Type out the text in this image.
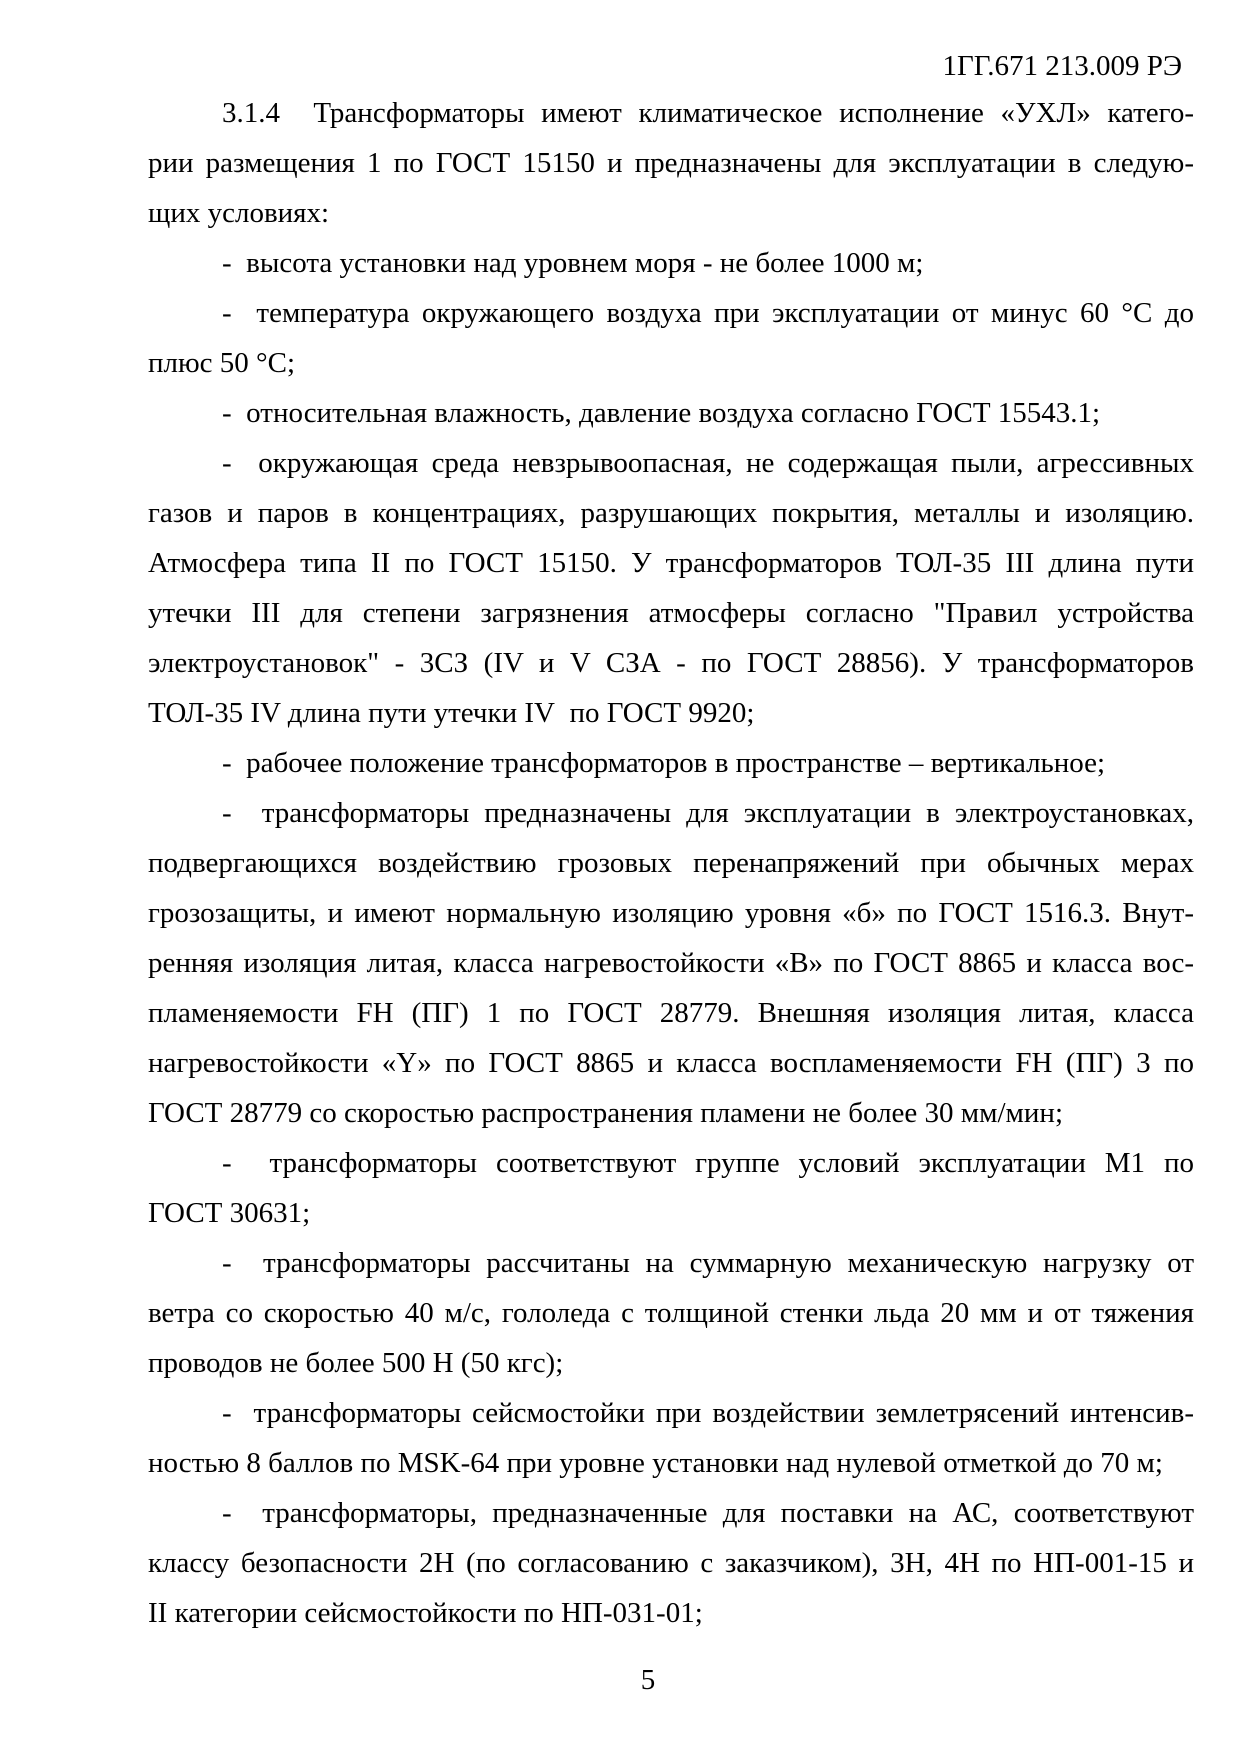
1ГГ.671 213.009 РЭ
3.1.4  Трансформаторы имеют климатическое исполнение «УХЛ» катего-
рии размещения 1 по ГОСТ 15150 и предназначены для эксплуатации в следую-
щих условиях:
-  высота установки над уровнем моря - не более 1000 м;
-  температура окружающего воздуха при эксплуатации от минус 60 °С до
плюс 50 °С;
-  относительная влажность, давление воздуха согласно ГОСТ 15543.1;
-  окружающая среда невзрывоопасная, не содержащая пыли, агрессивных
газов и паров в концентрациях, разрушающих покрытия, металлы и изоляцию.
Атмосфера типа II по ГОСТ 15150. У трансформаторов ТОЛ-35 III длина пути
утечки III для степени загрязнения атмосферы согласно "Правил устройства
электроустановок" - 3СЗ (IV и V СЗА - по ГОСТ 28856). У трансформаторов
ТОЛ-35 IV длина пути утечки IV  по ГОСТ 9920;
-  рабочее положение трансформаторов в пространстве – вертикальное;
-  трансформаторы предназначены для эксплуатации в электроустановках,
подвергающихся воздействию грозовых перенапряжений при обычных мерах
грозозащиты, и имеют нормальную изоляцию уровня «б» по ГОСТ 1516.3. Внут-
ренняя изоляция литая, класса нагревостойкости «В» по ГОСТ 8865 и класса вос-
пламеняемости FH (ПГ) 1 по ГОСТ 28779. Внешняя изоляция литая, класса
нагревостойкости «Y» по ГОСТ 8865 и класса воспламеняемости FH (ПГ) 3 по
ГОСТ 28779 со скоростью распространения пламени не более 30 мм/мин;
-  трансформаторы соответствуют группе условий эксплуатации М1 по
ГОСТ 30631;
-  трансформаторы рассчитаны на суммарную механическую нагрузку от
ветра со скоростью 40 м/с, гололеда с толщиной стенки льда 20 мм и от тяжения
проводов не более 500 Н (50 кгс);
-  трансформаторы сейсмостойки при воздействии землетрясений интенсив-
ностью 8 баллов по MSK-64 при уровне установки над нулевой отметкой до 70 м;
-  трансформаторы, предназначенные для поставки на АС, соответствуют
классу безопасности 2Н (по согласованию с заказчиком), 3Н, 4Н по НП-001-15 и
II категории сейсмостойкости по НП-031-01;
5
